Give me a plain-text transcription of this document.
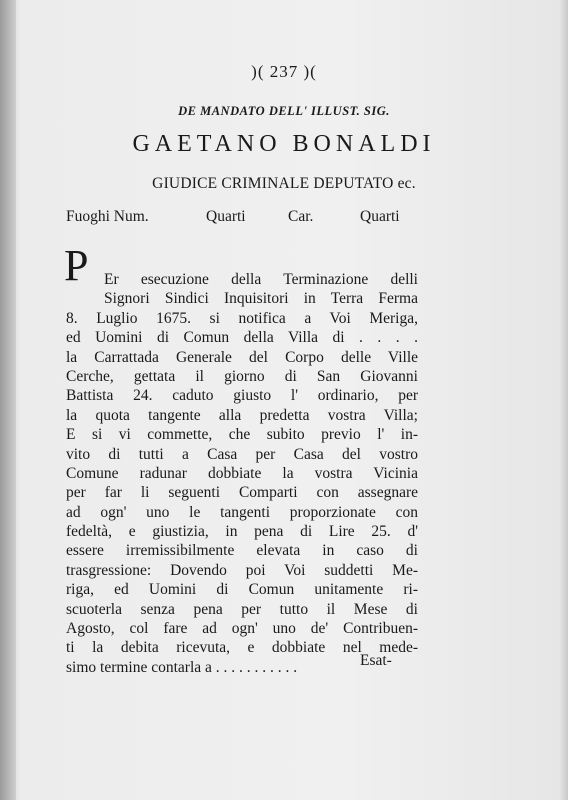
)( 237 )(
DE MANDATO DELL' ILLUST. SIG.
GAETANO BONALDI
GIUDICE CRIMINALE DEPUTATO ec.
Fuoghi Num.	Quarti	Car.	Quarti
P	Er esecuzione della Terminazione delli
Signori Sindici Inquisitori in Terra Ferma
8. Luglio 1675. si notifica a Voi Meriga,
ed Uomini di Comun della Villa di . . . .
la Carrattada Generale del Corpo delle Ville
Cerche, gettata il giorno di San Giovanni
Battista 24. caduto giusto l' ordinario, per
la quota tangente alla predetta vostra Villa;
E si vi commette, che subito previo l' in-
vito di tutti a Casa per Casa del vostro
Comune radunar dobbiate la vostra Vicinia
per far li seguenti Comparti con assegnare
ad ogn' uno le tangenti proporzionate con
fedeltà, e giustizia, in pena di Lire 25. d'
essere irremissibilmente elevata in caso di
trasgressione: Dovendo poi Voi suddetti Me-
riga, ed Uomini di Comun unitamente ri-
scuoterla senza pena per tutto il Mese di
Agosto, col fare ad ogn' uno de' Contribuen-
ti la debita ricevuta, e dobbiate nel mede-
simo termine contarla a . . . . . . . . . . .	Esat-
